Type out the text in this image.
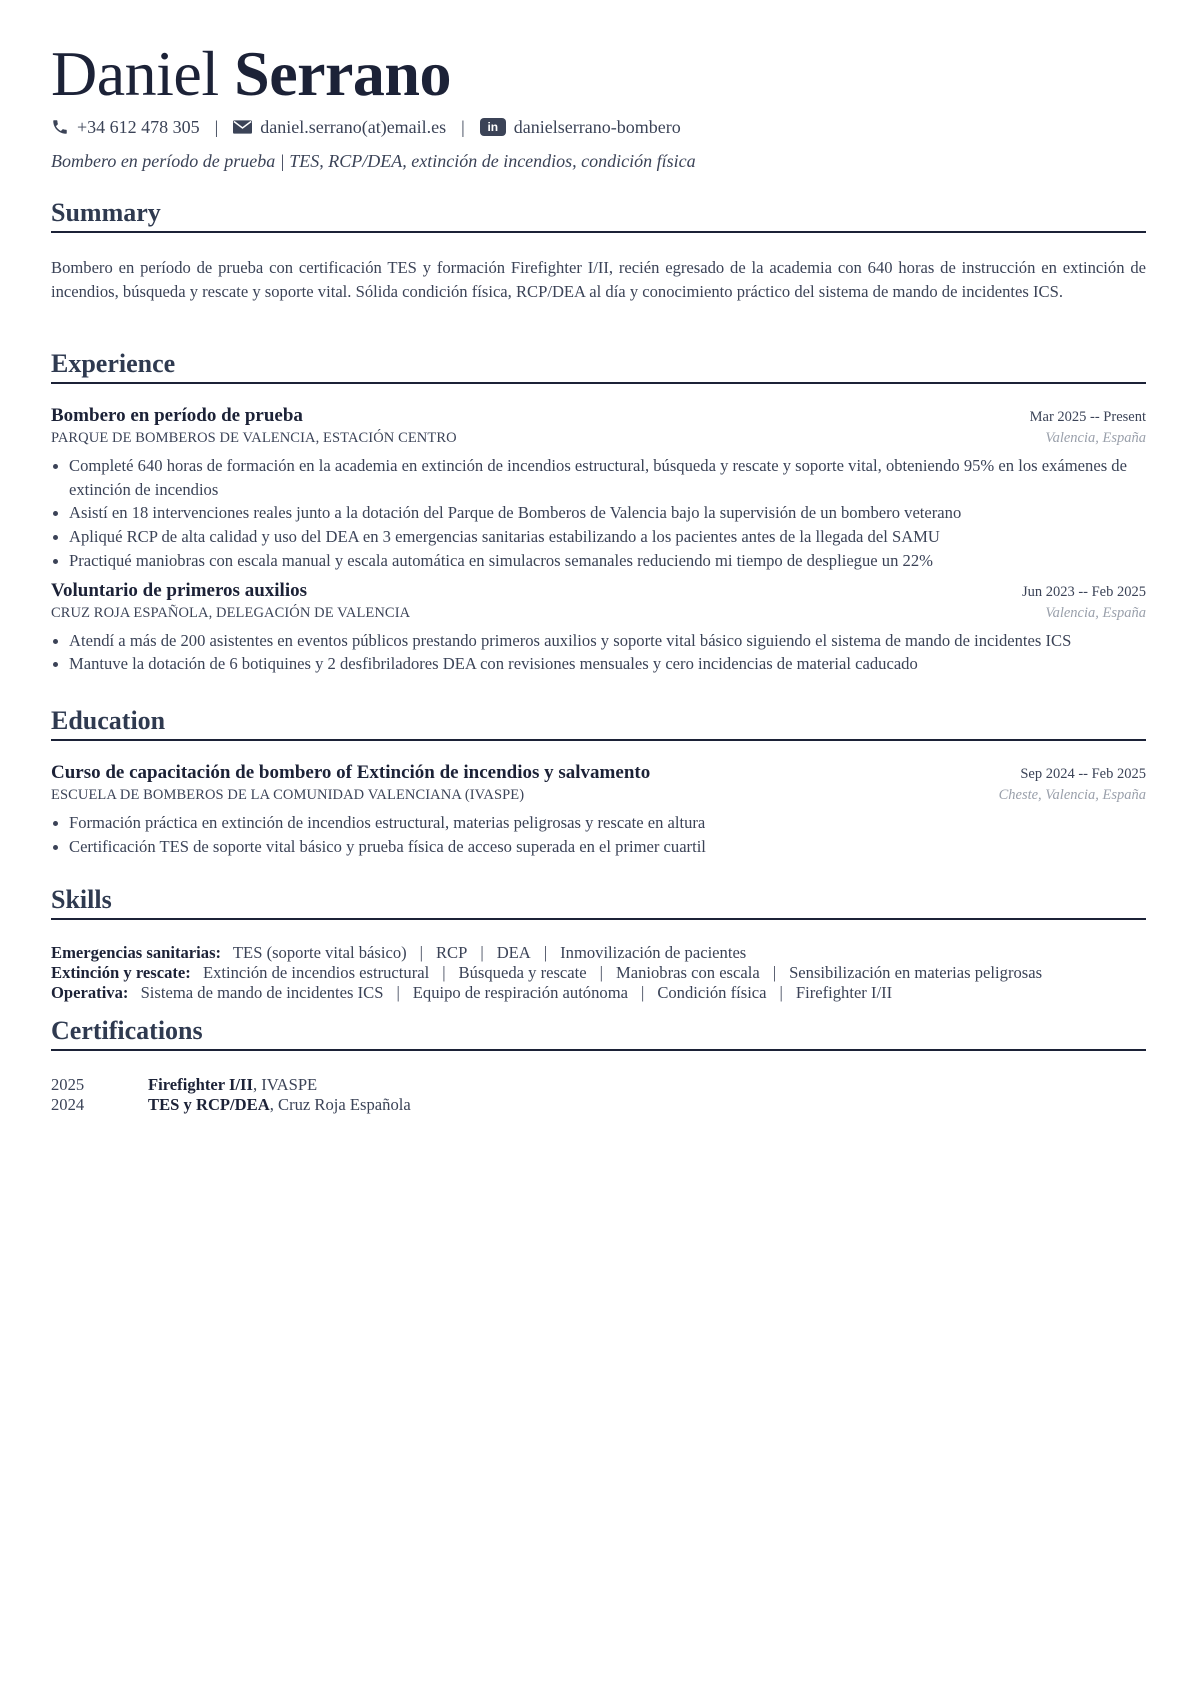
Daniel Serrano
+34 612 478 305 | daniel.serrano(at)email.es |	in danielserrano-bombero

Bombero en período de prueba | TES, RCP/DEA, extinción de incendios, condición física

Summary

Bombero en período de prueba con certificación TES y formación Firefighter I/II, recién egresado de la academia con 640 horas de instrucción en extinción de incendios, búsqueda y rescate y soporte vital. Sólida condición física, RCP/DEA al día y conocimiento práctico del sistema de mando de incidentes ICS.

Experience
Bombero en período de prueba	Mar 2025 -- Present
PARQUE DE BOMBEROS DE VALENCIA, ESTACIÓN CENTRO	Valencia, España
Completé 640 horas de formación en la academia en extinción de incendios estructural, búsqueda y rescate y soporte vital, obteniendo 95% en los exámenes de extinción de incendios
Asistí en 18 intervenciones reales junto a la dotación del Parque de Bomberos de Valencia bajo la supervisión de un bombero veterano
Apliqué RCP de alta calidad y uso del DEA en 3 emergencias sanitarias estabilizando a los pacientes antes de la llegada del SAMU
Practiqué maniobras con escala manual y escala automática en simulacros semanales reduciendo mi tiempo de despliegue un 22%
Voluntario de primeros auxilios	Jun 2023 -- Feb 2025
CRUZ ROJA ESPAÑOLA, DELEGACIÓN DE VALENCIA	Valencia, España
Atendí a más de 200 asistentes en eventos públicos prestando primeros auxilios y soporte vital básico siguiendo el sistema de mando de incidentes ICS
Mantuve la dotación de 6 botiquines y 2 desfibriladores DEA con revisiones mensuales y cero incidencias de material caducado
Education
Curso de capacitación de bombero of Extinción de incendios y salvamento	Sep 2024 -- Feb 2025
ESCUELA DE BOMBEROS DE LA COMUNIDAD VALENCIANA (IVASPE)	Cheste, Valencia, España
Formación práctica en extinción de incendios estructural, materias peligrosas y rescate en altura
Certificación TES de soporte vital básico y prueba física de acceso superada en el primer cuartil
Skills
Emergencias sanitarias: TES (soporte vital básico) | RCP | DEA | Inmovilización de pacientes
Extinción y rescate: Extinción de incendios estructural | Búsqueda y rescate | Maniobras con escala | Sensibilización en materias peligrosas
Operativa: Sistema de mando de incidentes ICS | Equipo de respiración autónoma | Condición física | Firefighter I/II
Certifications
2025	Firefighter I/II, IVASPE
2024	TES y RCP/DEA, Cruz Roja Española
